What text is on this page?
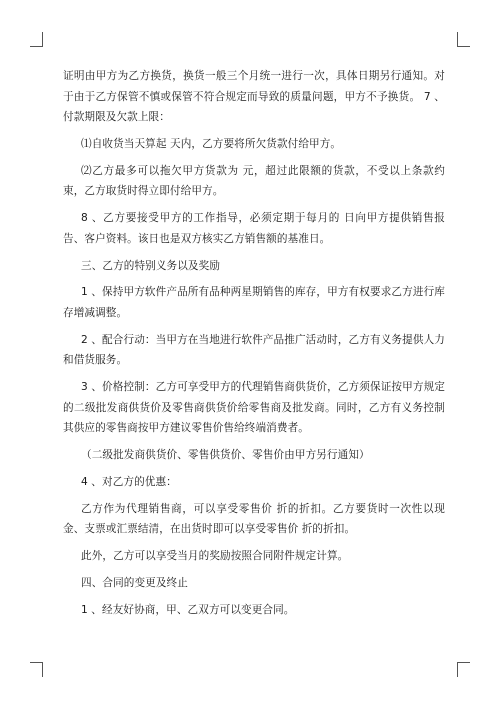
证明由甲方为乙方换货，换货一般三个月统一进行一次，具体日期另行通知。对于由于乙方保管不慎或保管不符合规定而导致的质量问题，甲方不予换货。 7 、付款期限及欠款上限：

⑴自收货当天算起 天内，乙方要将所欠货款付给甲方。

⑵乙方最多可以拖欠甲方货款为 元，超过此限额的货款，不受以上条款约束，乙方取货时得立即付给甲方。

8 、乙方要接受甲方的工作指导，必须定期于每月的 日向甲方提供销售报告、客户资料。该日也是双方核实乙方销售额的基准日。

三、乙方的特别义务以及奖励

1 、保持甲方软件产品所有品种两星期销售的库存，甲方有权要求乙方进行库存增减调整。

2 、配合行动：当甲方在当地进行软件产品推广活动时，乙方有义务提供人力和借货服务。

3 、价格控制：乙方可享受甲方的代理销售商供货价，乙方须保证按甲方规定的二级批发商供货价及零售商供货价给零售商及批发商。同时，乙方有义务控制其供应的零售商按甲方建议零售价售给终端消费者。

（二级批发商供货价、零售供货价、零售价由甲方另行通知）

4 、对乙方的优惠：

乙方作为代理销售商，可以享受零售价 折的折扣。乙方要货时一次性以现金、支票或汇票结清，在出货时即可以享受零售价 折的折扣。

此外，乙方可以享受当月的奖励按照合同附件规定计算。

四、合同的变更及终止

1 、经友好协商，甲、乙双方可以变更合同。
